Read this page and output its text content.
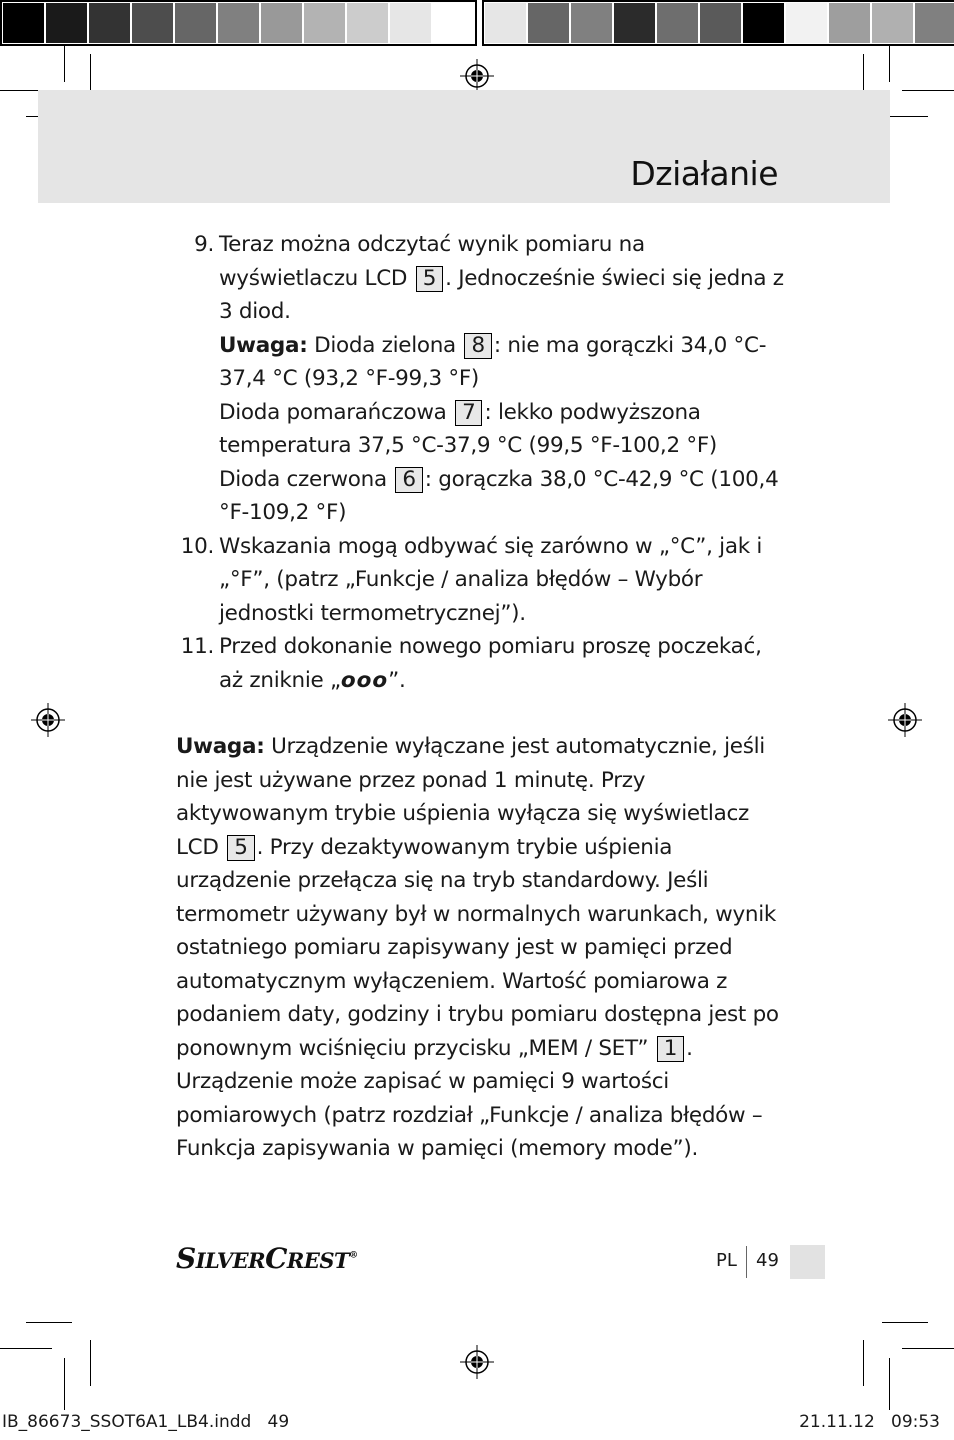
Działanie
9. Teraz można odczytać wynik pomiaru na wyświetlaczu LCD 5 . Jednocześnie świeci się jedna z 3 diod.
Uwaga: Dioda zielona 8 : nie ma gorączki 34,0 °C-37,4 °C (93,2 °F-99,3 °F)
Dioda pomarańczowa 7 : lekko podwyższona temperatura 37,5 °C-37,9 °C (99,5 °F-100,2 °F)
Dioda czerwona 6 : gorączka 38,0 °C-42,9 °C (100,4 °F-109,2 °F)
10. Wskazania mogą odbywać się zarówno w „°C”, jak i „°F”, (patrz „Funkcje / analiza błędów – Wybór jednostki termometrycznej”).
11. Przed dokonanie nowego pomiaru proszę poczekać, aż zniknie „ooo”.

Uwaga: Urządzenie wyłączane jest automatycznie, jeśli nie jest używane przez ponad 1 minutę. Przy aktywowanym trybie uśpienia wyłącza się wyświetlacz LCD 5 . Przy dezaktywowanym trybie uśpienia urządzenie przełącza się na tryb standardowy. Jeśli termometr używany był w normalnych warunkach, wynik ostatniego pomiaru zapisywany jest w pamięci przed automatycznym wyłączeniem. Wartość pomiarowa z podaniem daty, godziny i trybu pomiaru dostępna jest po ponownym wciśnięciu przycisku „MEM / SET” 1 . Urządzenie może zapisać w pamięci 9 wartości pomiarowych (patrz rozdział „Funkcje / analiza błędów – Funkcja zapisywania w pamięci (memory mode”).

SILVERCREST®	PL 49
IB_86673_SSOT6A1_LB4.indd   49	21.11.12   09:53
